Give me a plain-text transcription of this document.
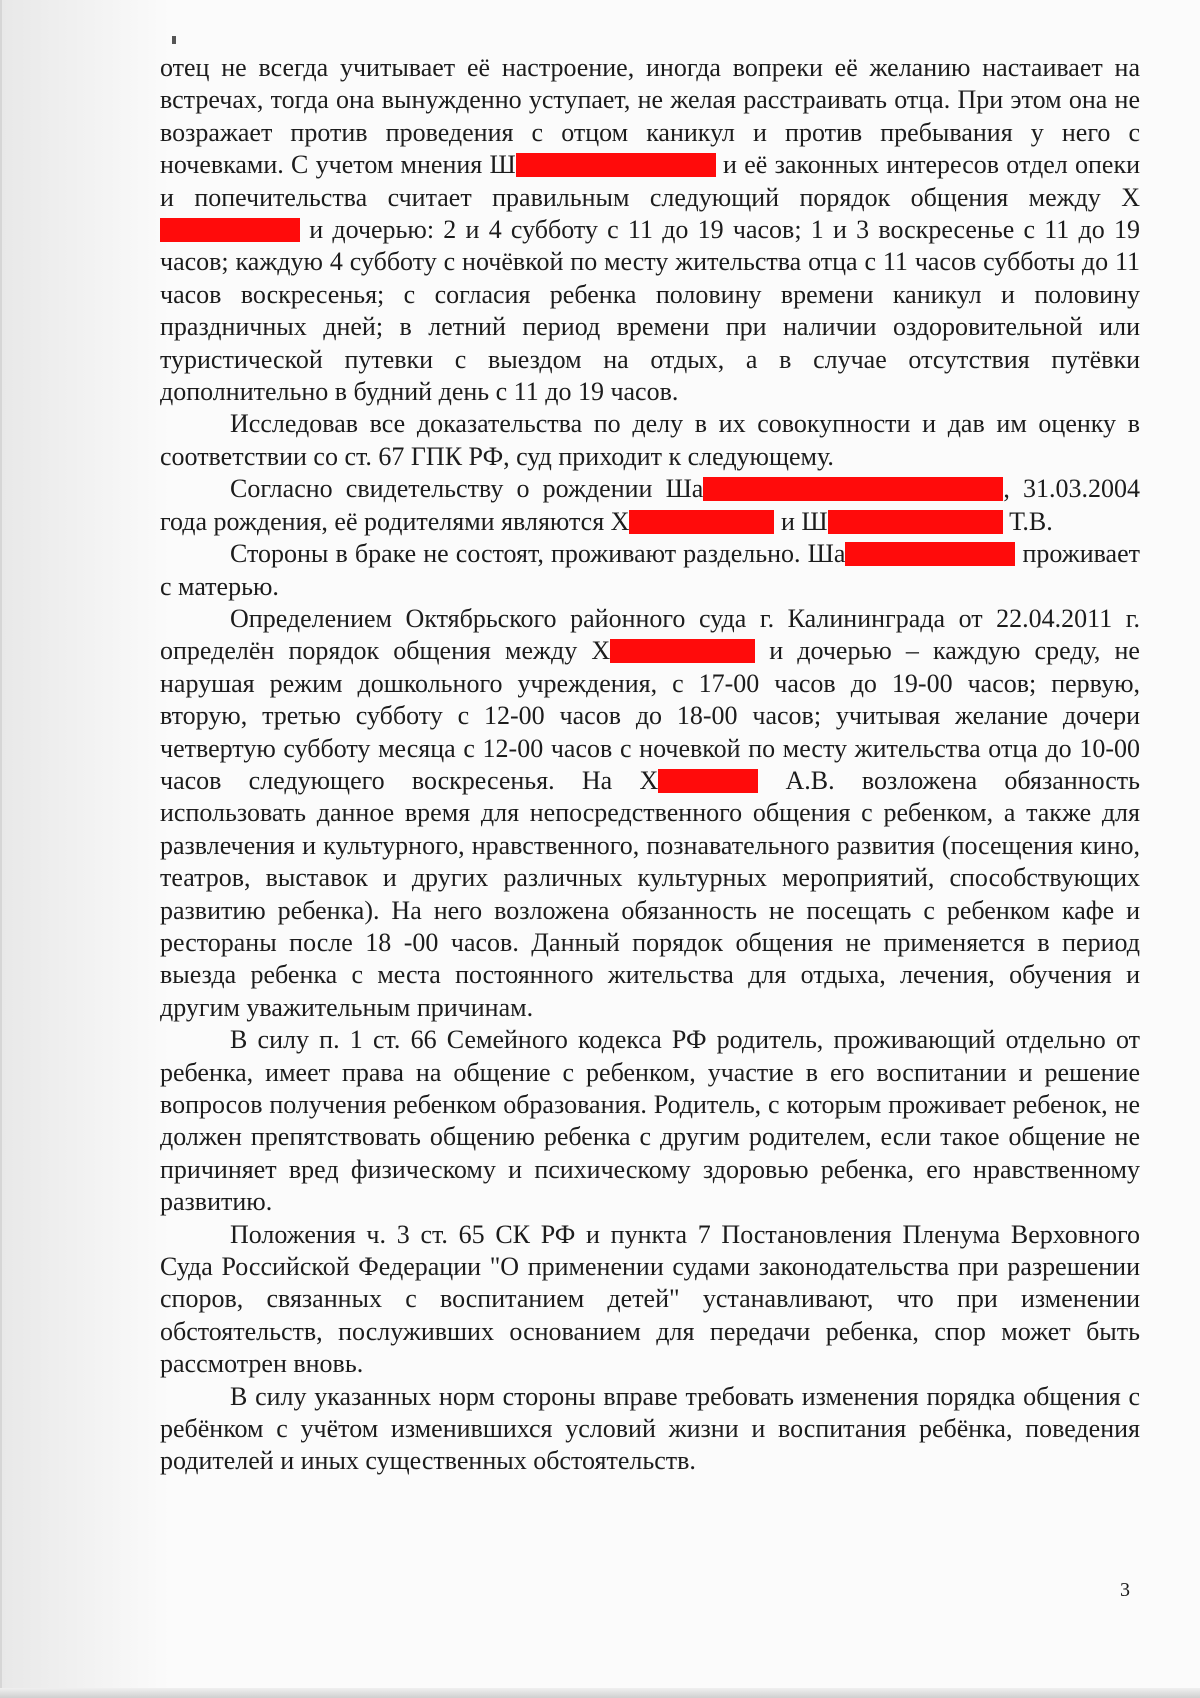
отец не всегда учитывает её настроение, иногда вопреки её желанию настаивает на встречах, тогда она вынужденно уступает, не желая расстраивать отца. При этом она не возражает против проведения с отцом каникул и против пребывания у него с ночевками. С учетом мнения Ш	и её законных интересов отдел опеки и попечительства считает правильным следующий порядок общения между Х и дочерью: 2 и 4 субботу с 11 до 19 часов; 1 и 3 воскресенье с 11 до 19 часов; каждую 4 субботу с ночёвкой по месту жительства отца с 11 часов субботы до 11 часов воскресенья; с согласия ребенка половину времени каникул и половину праздничных дней; в летний период времени при наличии оздоровительной или туристической путевки с выездом на отдых, а в случае отсутствия путёвки дополнительно в будний день с 11 до 19 часов.

Исследовав все доказательства по делу в их совокупности и дав им оценку в соответствии со ст. 67 ГПК РФ, суд приходит к следующему.

Согласно свидетельству о рождении Ша	, 31.03.2004 года рождения, её родителями являются Х	и Ш	Т.В.

Стороны в браке не состоят, проживают раздельно. Ша	проживает с матерью.

Определением Октябрьского районного суда г. Калининграда от 22.04.2011 г. определён порядок общения между Х	и дочерью – каждую среду, не нарушая режим дошкольного учреждения, с 17-00 часов до 19-00 часов; первую, вторую, третью субботу с 12-00 часов до 18-00 часов; учитывая желание дочери четвертую субботу месяца с 12-00 часов с ночевкой по месту жительства отца до 10-00 часов следующего воскресенья. На Х	А.В. возложена обязанность использовать данное время для непосредственного общения с ребенком, а также для развлечения и культурного, нравственного, познавательного развития (посещения кино, театров, выставок и других различных культурных мероприятий, способствующих развитию ребенка). На него возложена обязанность не посещать с ребенком кафе и рестораны после 18 -00 часов. Данный порядок общения не применяется в период выезда ребенка с места постоянного жительства для отдыха, лечения, обучения и другим уважительным причинам.

В силу п. 1 ст. 66 Семейного кодекса РФ родитель, проживающий отдельно от ребенка, имеет права на общение с ребенком, участие в его воспитании и решение вопросов получения ребенком образования. Родитель, с которым проживает ребенок, не должен препятствовать общению ребенка с другим родителем, если такое общение не причиняет вред физическому и психическому здоровью ребенка, его нравственному развитию.

Положения ч. 3 ст. 65 СК РФ и пункта 7 Постановления Пленума Верховного Суда Российской Федерации "О применении судами законодательства при разрешении споров, связанных с воспитанием детей" устанавливают, что при изменении обстоятельств, послуживших основанием для передачи ребенка, спор может быть рассмотрен вновь.

В силу указанных норм стороны вправе требовать изменения порядка общения с ребёнком с учётом изменившихся условий жизни и воспитания ребёнка, поведения родителей и иных существенных обстоятельств.

3
